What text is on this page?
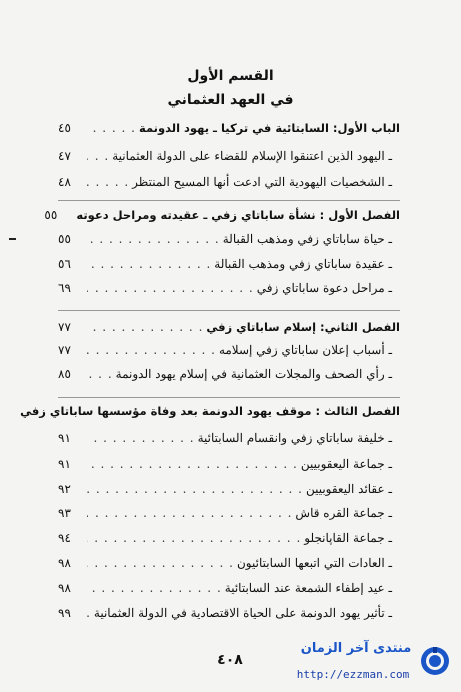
القسم الأول
في العهد العثماني
الباب الأول: السابتائية في تركيا ـ يهود الدونمة
. . .
٤٥
ـ اليهود الذين اعتنقوا الإسلام للقضاء على الدولة العثمانية
. . .
٤٧
ـ الشخصيات اليهودية التي ادعت أنها المسيح المنتظر
. . .
٤٨
الفصل الأول : نشأة ساباتاي زفي ـ عقيدته ومراحل دعوته
٥٥
ـ حياة ساباتاي زفي ومذهب القبالة
. . .
٥٥
ـ عقيدة ساباتاي زفي ومذهب القبالة
. . .
٥٦
ـ مراحل دعوة ساباتاي زفي
. . .
٦٩
الفصل الثاني: إسلام ساباتاي زفي
. . .
٧٧
ـ أسباب إعلان ساباتاي زفي إسلامه
. . .
٧٧
ـ رأي الصحف والمجلات العثمانية في إسلام يهود الدونمة
. . .
٨٥
الفصل الثالث : موقف يهود الدونمة بعد وفاة مؤسسها ساباتاي زفي
ـ خليفة ساباتاي زفي وانقسام السابتائية
. . .
٩١
ـ جماعة اليعقوبيين
. . .
٩١
ـ عقائد اليعقوبيين
. . .
٩٢
ـ جماعة القره قاش
. . .
٩٣
ـ جماعة القاپانجلو
. . .
٩٤
ـ العادات التي اتبعها السابتائيون
. . .
٩٨
ـ عيد إطفاء الشمعة عند السابتائية
. . .
٩٨
ـ تأثير يهود الدونمة على الحياة الاقتصادية في الدولة العثمانية
. . .
٩٩
٤٠٨
منتدى آخر الزمان
http://ezzman.com
